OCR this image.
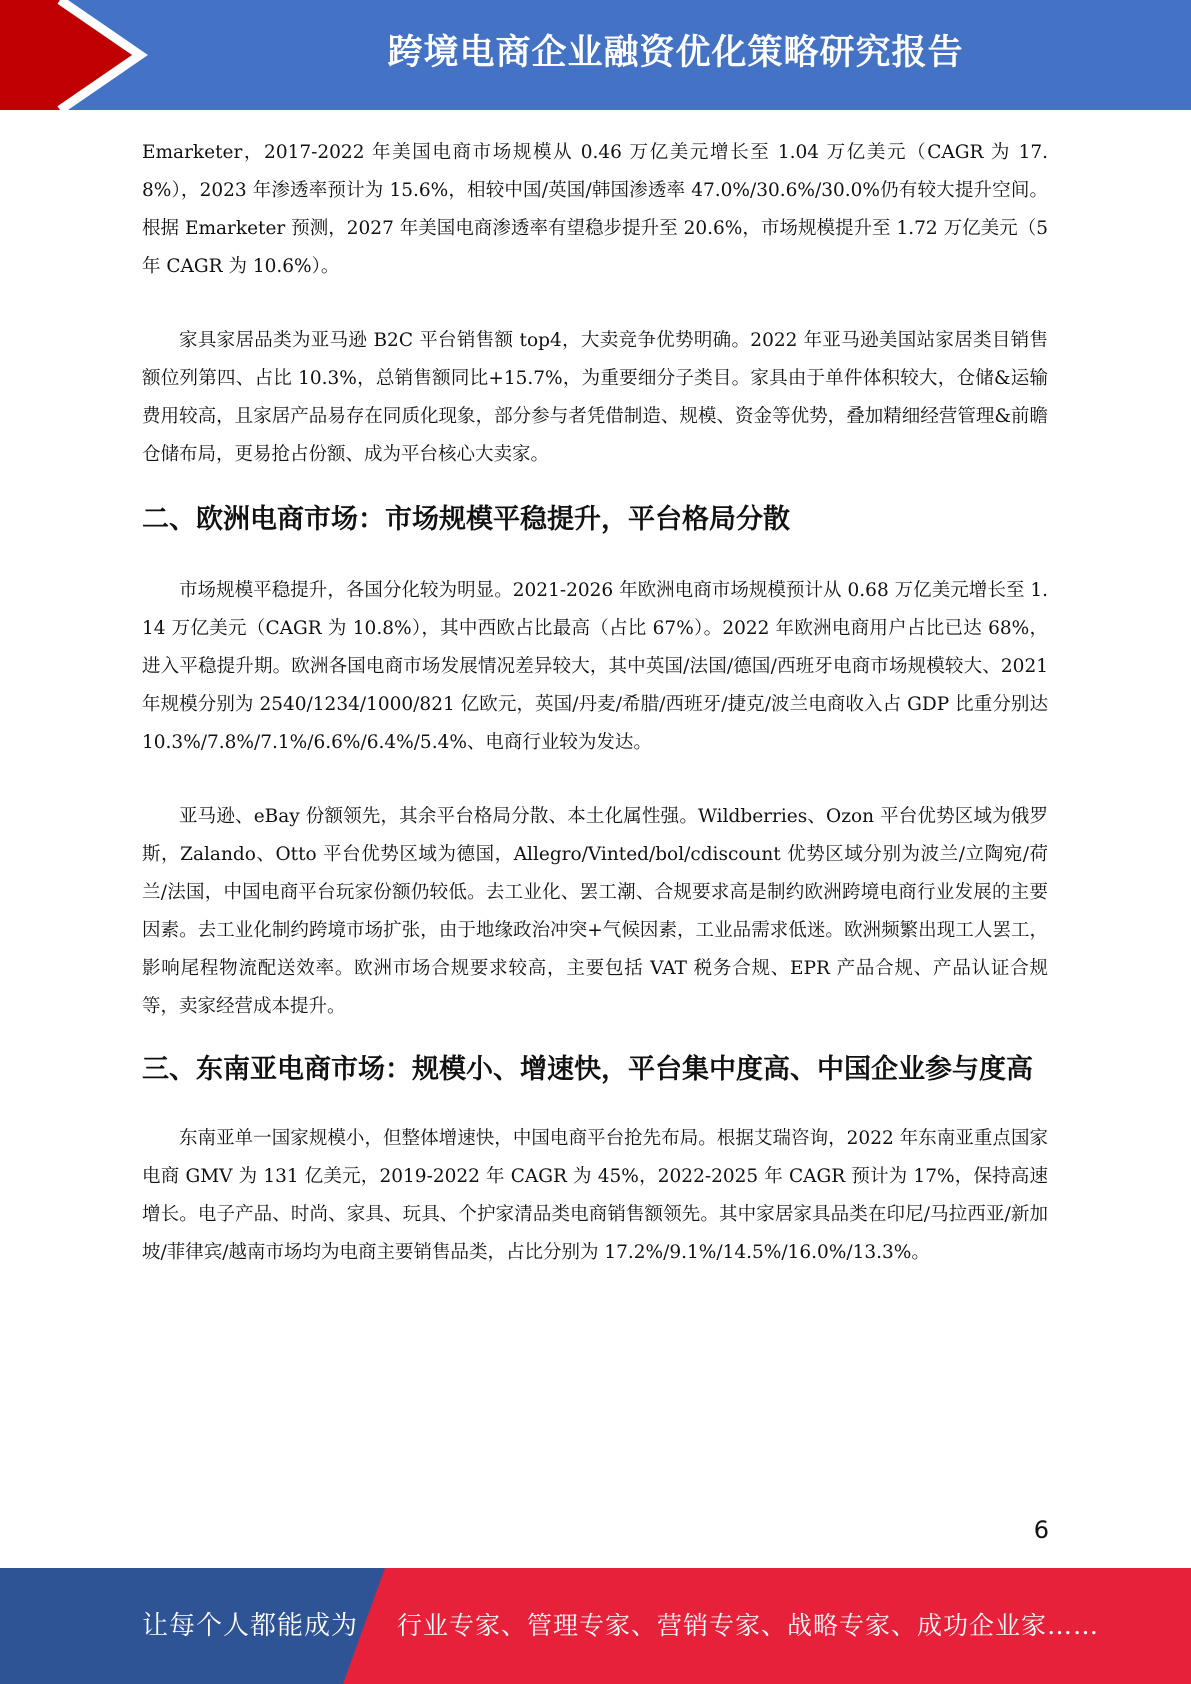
跨境电商企业融资优化策略研究报告

Emarketer，2017-2022 年美国电商市场规模从 0.46 万亿美元增长至 1.04 万亿美元（CAGR 为 17.8%），2023 年渗透率预计为 15.6%，相较中国/英国/韩国渗透率 47.0%/30.6%/30.0%仍有较大提升空间。根据 Emarketer 预测，2027 年美国电商渗透率有望稳步提升至 20.6%，市场规模提升至 1.72 万亿美元（5 年 CAGR 为 10.6%）。

家具家居品类为亚马逊 B2C 平台销售额 top4，大卖竞争优势明确。2022 年亚马逊美国站家居类目销售额位列第四、占比 10.3%，总销售额同比+15.7%，为重要细分子类目。家具由于单件体积较大，仓储&运输费用较高，且家居产品易存在同质化现象，部分参与者凭借制造、规模、资金等优势，叠加精细经营管理&前瞻仓储布局，更易抢占份额、成为平台核心大卖家。

二、欧洲电商市场：市场规模平稳提升，平台格局分散

市场规模平稳提升，各国分化较为明显。2021-2026 年欧洲电商市场规模预计从 0.68 万亿美元增长至 1.14 万亿美元（CAGR 为 10.8%），其中西欧占比最高（占比 67%）。2022 年欧洲电商用户占比已达 68%，进入平稳提升期。欧洲各国电商市场发展情况差异较大，其中英国/法国/德国/西班牙电商市场规模较大、2021 年规模分别为 2540/1234/1000/821 亿欧元，英国/丹麦/希腊/西班牙/捷克/波兰电商收入占 GDP 比重分别达 10.3%/7.8%/7.1%/6.6%/6.4%/5.4%、电商行业较为发达。

亚马逊、eBay 份额领先，其余平台格局分散、本土化属性强。Wildberries、Ozon 平台优势区域为俄罗斯，Zalando、Otto 平台优势区域为德国，Allegro/Vinted/bol/cdiscount 优势区域分别为波兰/立陶宛/荷兰/法国，中国电商平台玩家份额仍较低。去工业化、罢工潮、合规要求高是制约欧洲跨境电商行业发展的主要因素。去工业化制约跨境市场扩张，由于地缘政治冲突+气候因素，工业品需求低迷。欧洲频繁出现工人罢工，影响尾程物流配送效率。欧洲市场合规要求较高，主要包括 VAT 税务合规、EPR 产品合规、产品认证合规等，卖家经营成本提升。

三、东南亚电商市场：规模小、增速快，平台集中度高、中国企业参与度高

东南亚单一国家规模小，但整体增速快，中国电商平台抢先布局。根据艾瑞咨询，2022 年东南亚重点国家电商 GMV 为 131 亿美元，2019-2022 年 CAGR 为 45%，2022-2025 年 CAGR 预计为 17%，保持高速增长。电子产品、时尚、家具、玩具、个护家清品类电商销售额领先。其中家居家具品类在印尼/马拉西亚/新加坡/菲律宾/越南市场均为电商主要销售品类，占比分别为 17.2%/9.1%/14.5%/16.0%/13.3%。

6
让每个人都能成为 行业专家、管理专家、营销专家、战略专家、成功企业家……
